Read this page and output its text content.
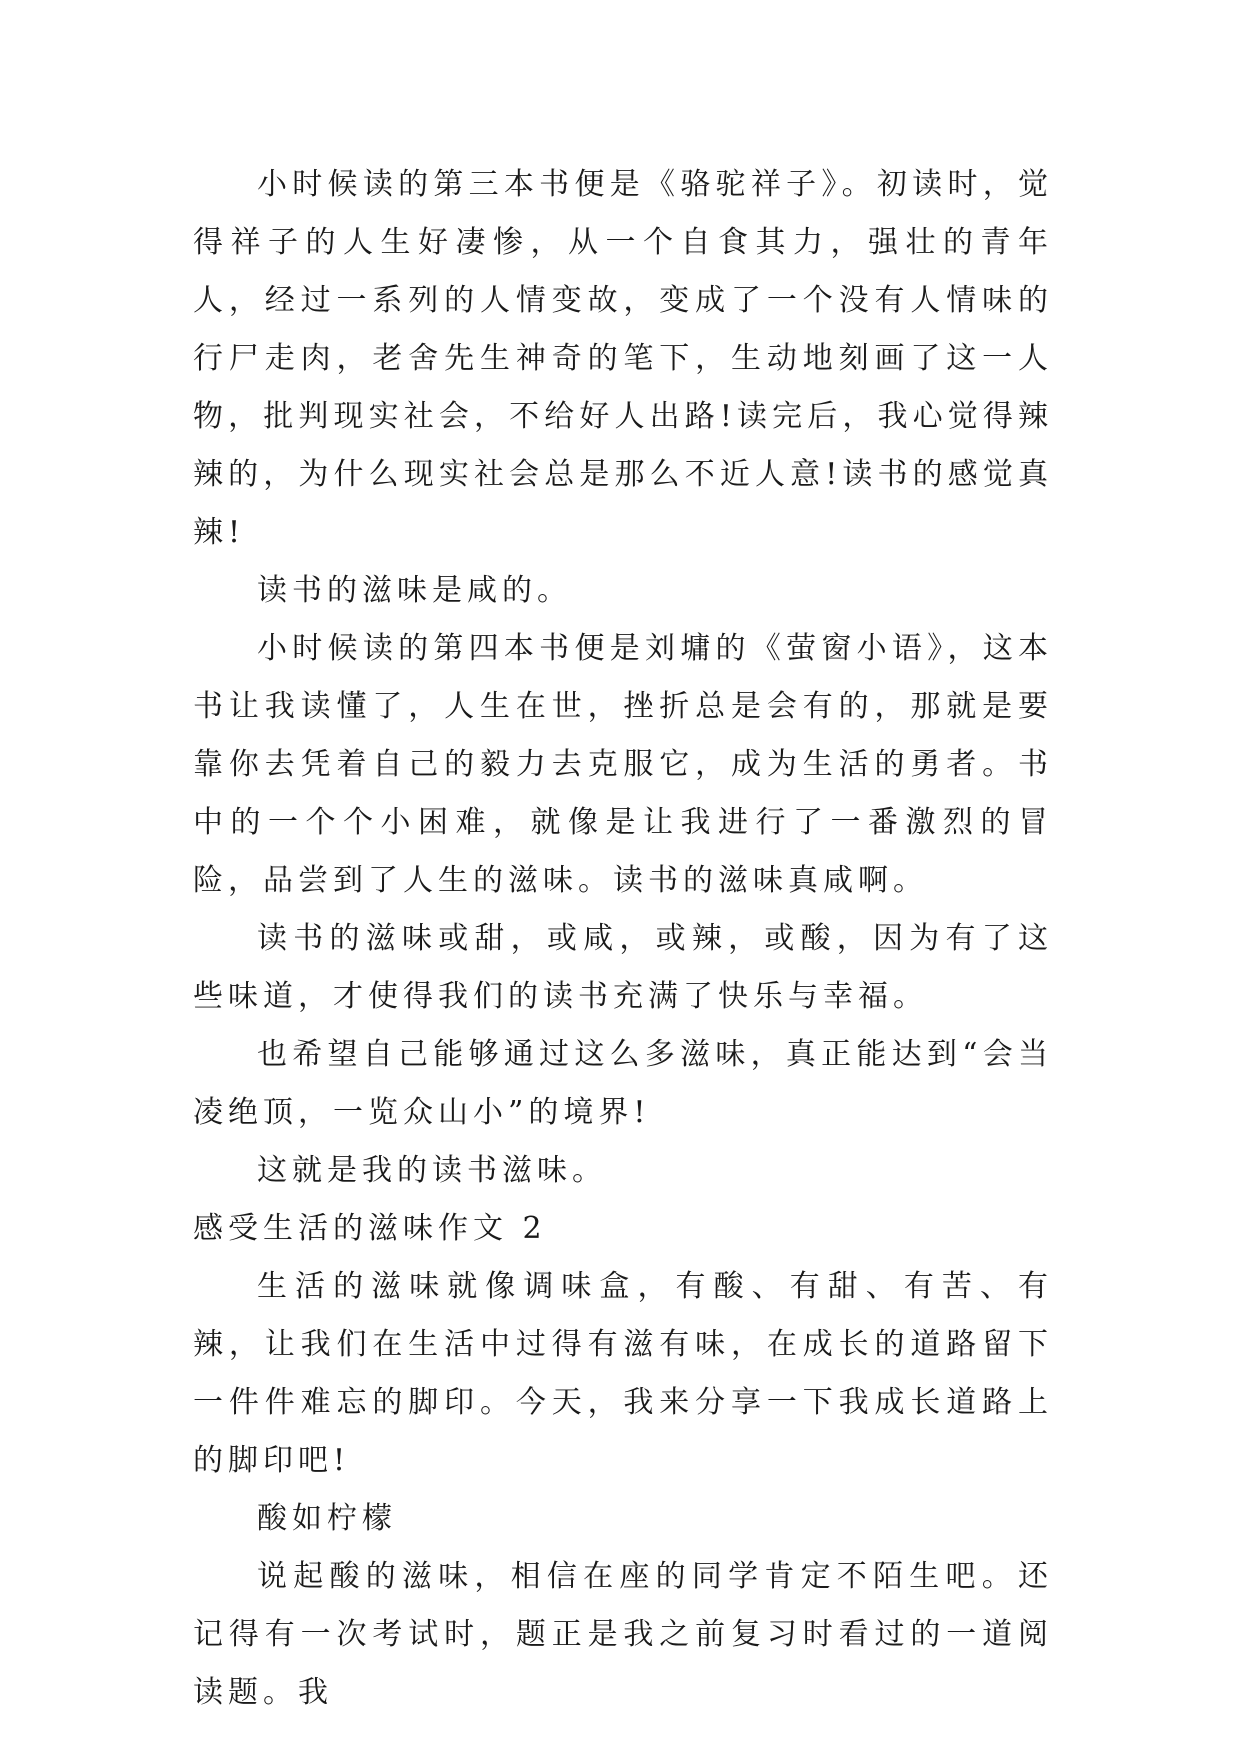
小时候读的第三本书便是《骆驼祥子》。初读时，觉得祥子的人生好凄惨，从一个自食其力，强壮的青年人，经过一系列的人情变故，变成了一个没有人情味的行尸走肉，老舍先生神奇的笔下，生动地刻画了这一人物，批判现实社会，不给好人出路!读完后，我心觉得辣辣的，为什么现实社会总是那么不近人意!读书的感觉真辣!

读书的滋味是咸的。

小时候读的第四本书便是刘墉的《萤窗小语》，这本书让我读懂了，人生在世，挫折总是会有的，那就是要靠你去凭着自己的毅力去克服它，成为生活的勇者。书中的一个个小困难，就像是让我进行了一番激烈的冒险，品尝到了人生的滋味。读书的滋味真咸啊。

读书的滋味或甜，或咸，或辣，或酸，因为有了这些味道，才使得我们的读书充满了快乐与幸福。

也希望自己能够通过这么多滋味，真正能达到“会当凌绝顶，一览众山小”的境界!

这就是我的读书滋味。

感受生活的滋味作文 2

生活的滋味就像调味盒，有酸、有甜、有苦、有辣，让我们在生活中过得有滋有味，在成长的道路留下一件件难忘的脚印。今天，我来分享一下我成长道路上的脚印吧!

酸如柠檬

说起酸的滋味，相信在座的同学肯定不陌生吧。还记得有一次考试时，题正是我之前复习时看过的一道阅读题。我
